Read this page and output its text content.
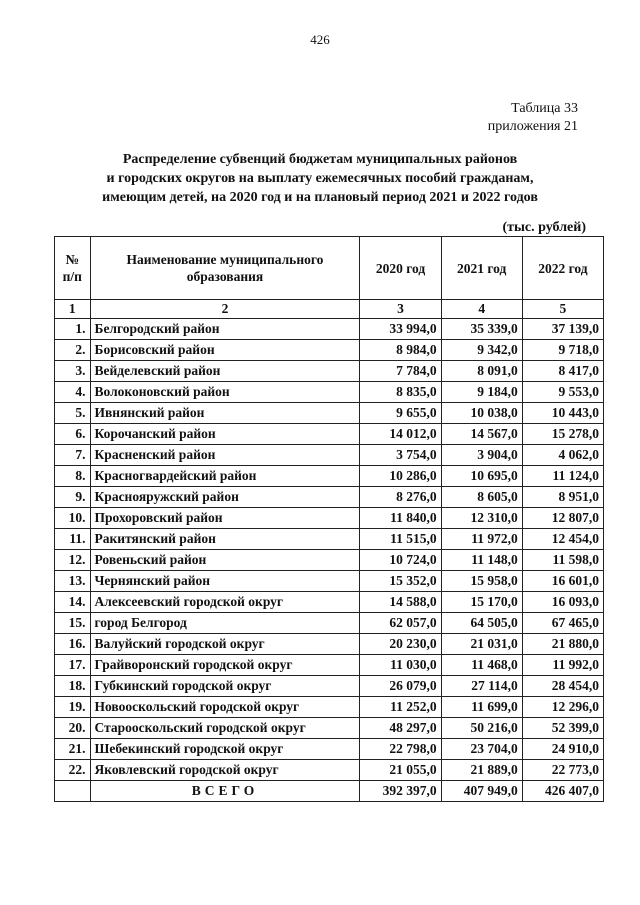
426
Таблица 33
приложения 21
Распределение субвенций бюджетам муниципальных районов
и городских округов на выплату ежемесячных пособий гражданам,
имеющим детей, на 2020 год и на плановый период 2021 и 2022 годов
(тыс. рублей)
№ п/п	Наименование муниципального образования	2020 год	2021 год	2022 год
1	2	3	4	5
1.	Белгородский район	33 994,0	35 339,0	37 139,0
2.	Борисовский район	8 984,0	9 342,0	9 718,0
3.	Вейделевский район	7 784,0	8 091,0	8 417,0
4.	Волоконовский район	8 835,0	9 184,0	9 553,0
5.	Ивнянский район	9 655,0	10 038,0	10 443,0
6.	Корочанский район	14 012,0	14 567,0	15 278,0
7.	Красненский район	3 754,0	3 904,0	4 062,0
8.	Красногвардейский район	10 286,0	10 695,0	11 124,0
9.	Краснояружский район	8 276,0	8 605,0	8 951,0
10.	Прохоровский район	11 840,0	12 310,0	12 807,0
11.	Ракитянский район	11 515,0	11 972,0	12 454,0
12.	Ровеньский район	10 724,0	11 148,0	11 598,0
13.	Чернянский район	15 352,0	15 958,0	16 601,0
14.	Алексеевский городской округ	14 588,0	15 170,0	16 093,0
15.	город Белгород	62 057,0	64 505,0	67 465,0
16.	Валуйский городской округ	20 230,0	21 031,0	21 880,0
17.	Грайворонский городской округ	11 030,0	11 468,0	11 992,0
18.	Губкинский городской округ	26 079,0	27 114,0	28 454,0
19.	Новооскольский городской округ	11 252,0	11 699,0	12 296,0
20.	Старооскольский городской округ	48 297,0	50 216,0	52 399,0
21.	Шебекинский городской округ	22 798,0	23 704,0	24 910,0
22.	Яковлевский городской округ	21 055,0	21 889,0	22 773,0
	ВСЕГО	392 397,0	407 949,0	426 407,0
